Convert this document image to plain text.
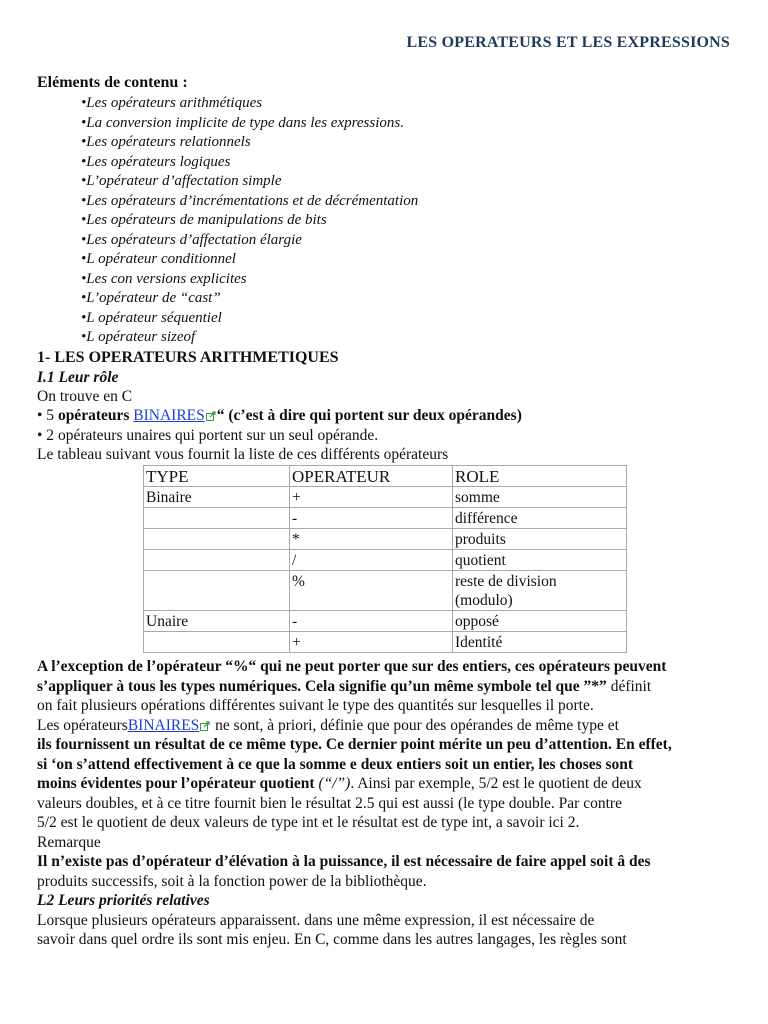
LES OPERATEURS ET LES EXPRESSIONS
Eléments de contenu :
•Les opérateurs arithmétiques
•La conversion implicite de type dans les expressions.
•Les opérateurs relationnels
•Les opérateurs logiques
•L’opérateur d’affectation simple
•Les opérateurs d’incrémentations et de décrémentation
•Les opérateurs de manipulations de bits
•Les opérateurs d’affectation élargie
•L opérateur conditionnel
•Les con versions explicites
•L’opérateur de “cast”
•L opérateur séquentiel
•L opérateur sizeof
1- LES OPERATEURS ARITHMETIQUES
I.1 Leur rôle
On trouve en C
• 5 opérateurs BINAIRES “ (c’est à dire qui portent sur deux opérandes)
• 2 opérateurs unaires qui portent sur un seul opérande.
Le tableau suivant vous fournit la liste de ces différents opérateurs
TYPE	OPERATEUR	ROLE
Binaire	+	somme
	-	différence
	*	produits
	/	quotient
	%	reste de division
(modulo)
Unaire	-	opposé
	+	Identité

A l’exception de l’opérateur “%“ qui ne peut porter que sur des entiers, ces opérateurs peuvent

s’appliquer à tous les types numériques. Cela signifie qu’un même symbole tel que ”*” définit

on fait plusieurs opérations différentes suivant le type des quantités sur lesquelles il porte.

Les opérateursBINAIRES ne sont, à priori, définie que pour des opérandes de même type et

ils fournissent un résultat de ce même type. Ce dernier point mérite un peu d’attention. En effet,

si ‘on s’attend effectivement à ce que la somme e deux entiers soit un entier, les choses sont

moins évidentes pour l’opérateur quotient (“/”). Ainsi par exemple, 5/2 est le quotient de deux

valeurs doubles, et à ce titre fournit bien le résultat 2.5 qui est aussi (le type double. Par contre

5/2 est le quotient de deux valeurs de type int et le résultat est de type int, a savoir ici 2.

Remarque

Il n’existe pas d’opérateur d’élévation à la puissance, il est nécessaire de faire appel soit â des

produits successifs, soit à la fonction power de la bibliothèque.

L2 Leurs priorités relatives

Lorsque plusieurs opérateurs apparaissent. dans une même expression, il est nécessaire de

savoir dans quel ordre ils sont mis enjeu. En C, comme dans les autres langages, les règles sont
